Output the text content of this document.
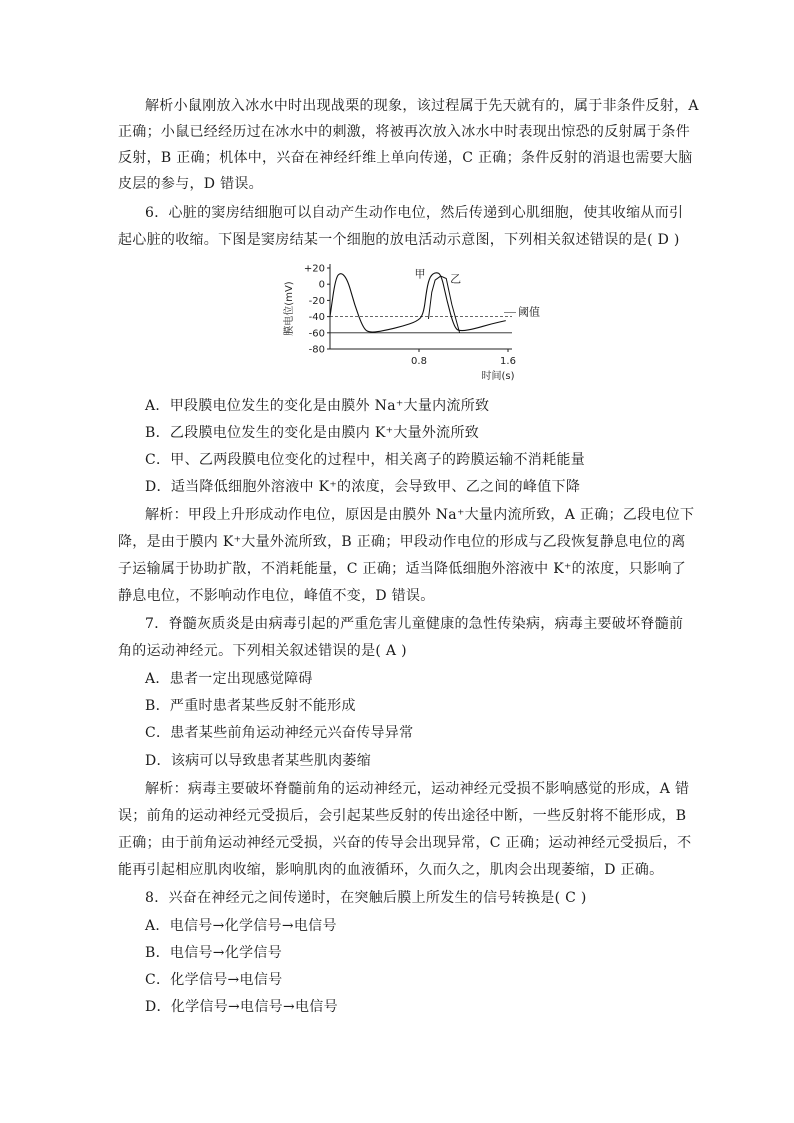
解析小鼠刚放入冰水中时出现战栗的现象，该过程属于先天就有的，属于非条件反射，A
正确；小鼠已经经历过在冰水中的刺激，将被再次放入冰水中时表现出惊恐的反射属于条件
反射，B 正确；机体中，兴奋在神经纤维上单向传递，C 正确；条件反射的消退也需要大脑
皮层的参与，D 错误。
6．心脏的窦房结细胞可以自动产生动作电位，然后传递到心肌细胞，使其收缩从而引
起心脏的收缩。下图是窦房结某一个细胞的放电活动示意图，下列相关叙述错误的是( D )
+20
0
-20
-40
-60
-80
0.8	1.6
膜电位(mV)
时间(s)
阈值
甲 乙
A．甲段膜电位发生的变化是由膜外 Na⁺大量内流所致
B．乙段膜电位发生的变化是由膜内 K⁺大量外流所致
C．甲、乙两段膜电位变化的过程中，相关离子的跨膜运输不消耗能量
D．适当降低细胞外溶液中 K⁺的浓度，会导致甲、乙之间的峰值下降
解析：甲段上升形成动作电位，原因是由膜外 Na⁺大量内流所致，A 正确；乙段电位下
降，是由于膜内 K⁺大量外流所致，B 正确；甲段动作电位的形成与乙段恢复静息电位的离
子运输属于协助扩散，不消耗能量，C 正确；适当降低细胞外溶液中 K⁺的浓度，只影响了
静息电位，不影响动作电位，峰值不变，D 错误。
7．脊髓灰质炎是由病毒引起的严重危害儿童健康的急性传染病，病毒主要破坏脊髓前
角的运动神经元。下列相关叙述错误的是( A )
A．患者一定出现感觉障碍
B．严重时患者某些反射不能形成
C．患者某些前角运动神经元兴奋传导异常
D．该病可以导致患者某些肌肉萎缩
解析：病毒主要破坏脊髓前角的运动神经元，运动神经元受损不影响感觉的形成，A 错
误；前角的运动神经元受损后，会引起某些反射的传出途径中断，一些反射将不能形成，B
正确；由于前角运动神经元受损，兴奋的传导会出现异常，C 正确；运动神经元受损后，不
能再引起相应肌肉收缩，影响肌肉的血液循环，久而久之，肌肉会出现萎缩，D 正确。
8．兴奋在神经元之间传递时，在突触后膜上所发生的信号转换是( C )
A．电信号→化学信号→电信号
B．电信号→化学信号
C．化学信号→电信号
D．化学信号→电信号→电信号
